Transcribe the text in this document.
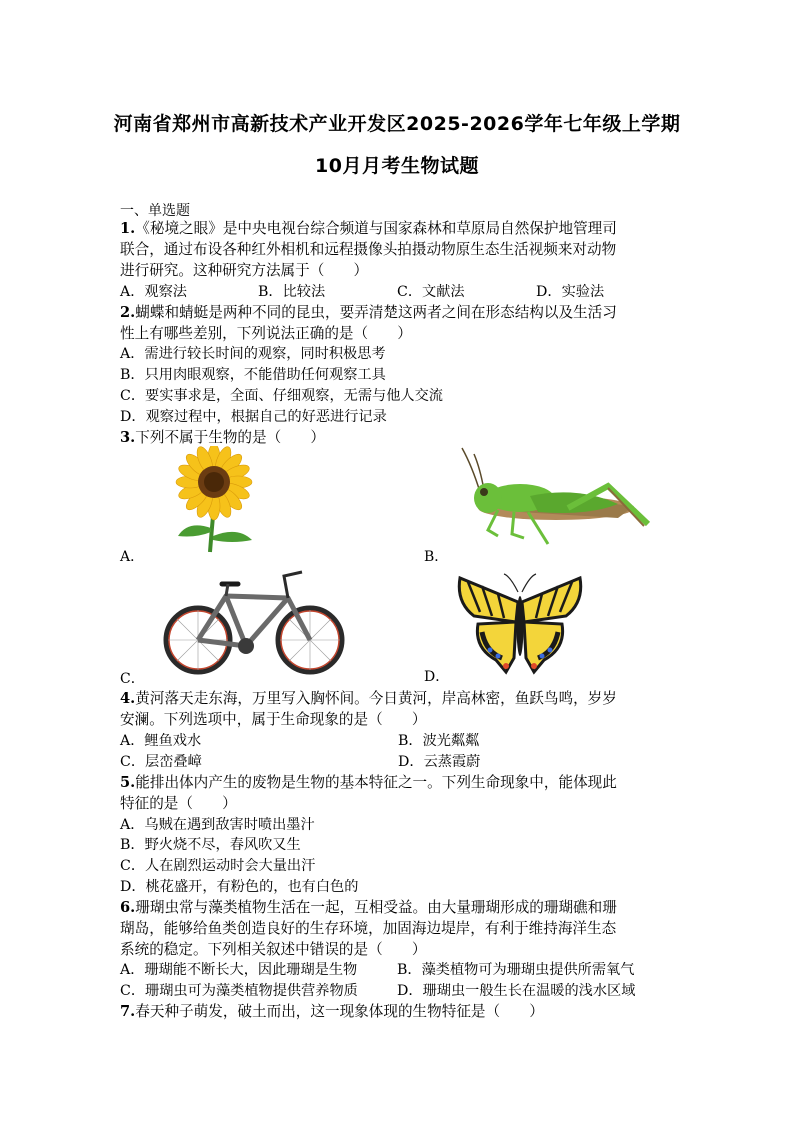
河南省郑州市高新技术产业开发区2025-2026学年七年级上学期
10月月考生物试题
一、单选题
1.《秘境之眼》是中央电视台综合频道与国家森林和草原局自然保护地管理司
联合，通过布设各种红外相机和远程摄像头拍摄动物原生态生活视频来对动物
进行研究。这种研究方法属于（　　）
A．观察法	B．比较法	C．文献法	D．实验法
2.蝴蝶和蜻蜓是两种不同的昆虫，要弄清楚这两者之间在形态结构以及生活习
性上有哪些差别，下列说法正确的是（　　）
A．需进行较长时间的观察，同时积极思考
B．只用肉眼观察，不能借助任何观察工具
C．要实事求是，全面、仔细观察，无需与他人交流
D．观察过程中，根据自己的好恶进行记录
3.下列不属于生物的是（　　）
A．	B．
C．	D．
4.黄河落天走东海，万里写入胸怀间。今日黄河，岸高林密，鱼跃鸟鸣，岁岁
安澜。下列选项中，属于生命现象的是（　　）
A．鲤鱼戏水	B．波光粼粼
C．层峦叠嶂	D．云蒸霞蔚
5.能排出体内产生的废物是生物的基本特征之一。下列生命现象中，能体现此
特征的是（　　）
A．乌贼在遇到敌害时喷出墨汁
B．野火烧不尽，春风吹又生
C．人在剧烈运动时会大量出汗
D．桃花盛开，有粉色的，也有白色的
6.珊瑚虫常与藻类植物生活在一起，互相受益。由大量珊瑚形成的珊瑚礁和珊
瑚岛，能够给鱼类创造良好的生存环境，加固海边堤岸，有利于维持海洋生态
系统的稳定。下列相关叙述中错误的是（　　）
A．珊瑚能不断长大，因此珊瑚是生物	B．藻类植物可为珊瑚虫提供所需氧气
C．珊瑚虫可为藻类植物提供营养物质	D．珊瑚虫一般生长在温暖的浅水区域
7.春天种子萌发，破土而出，这一现象体现的生物特征是（　　）
